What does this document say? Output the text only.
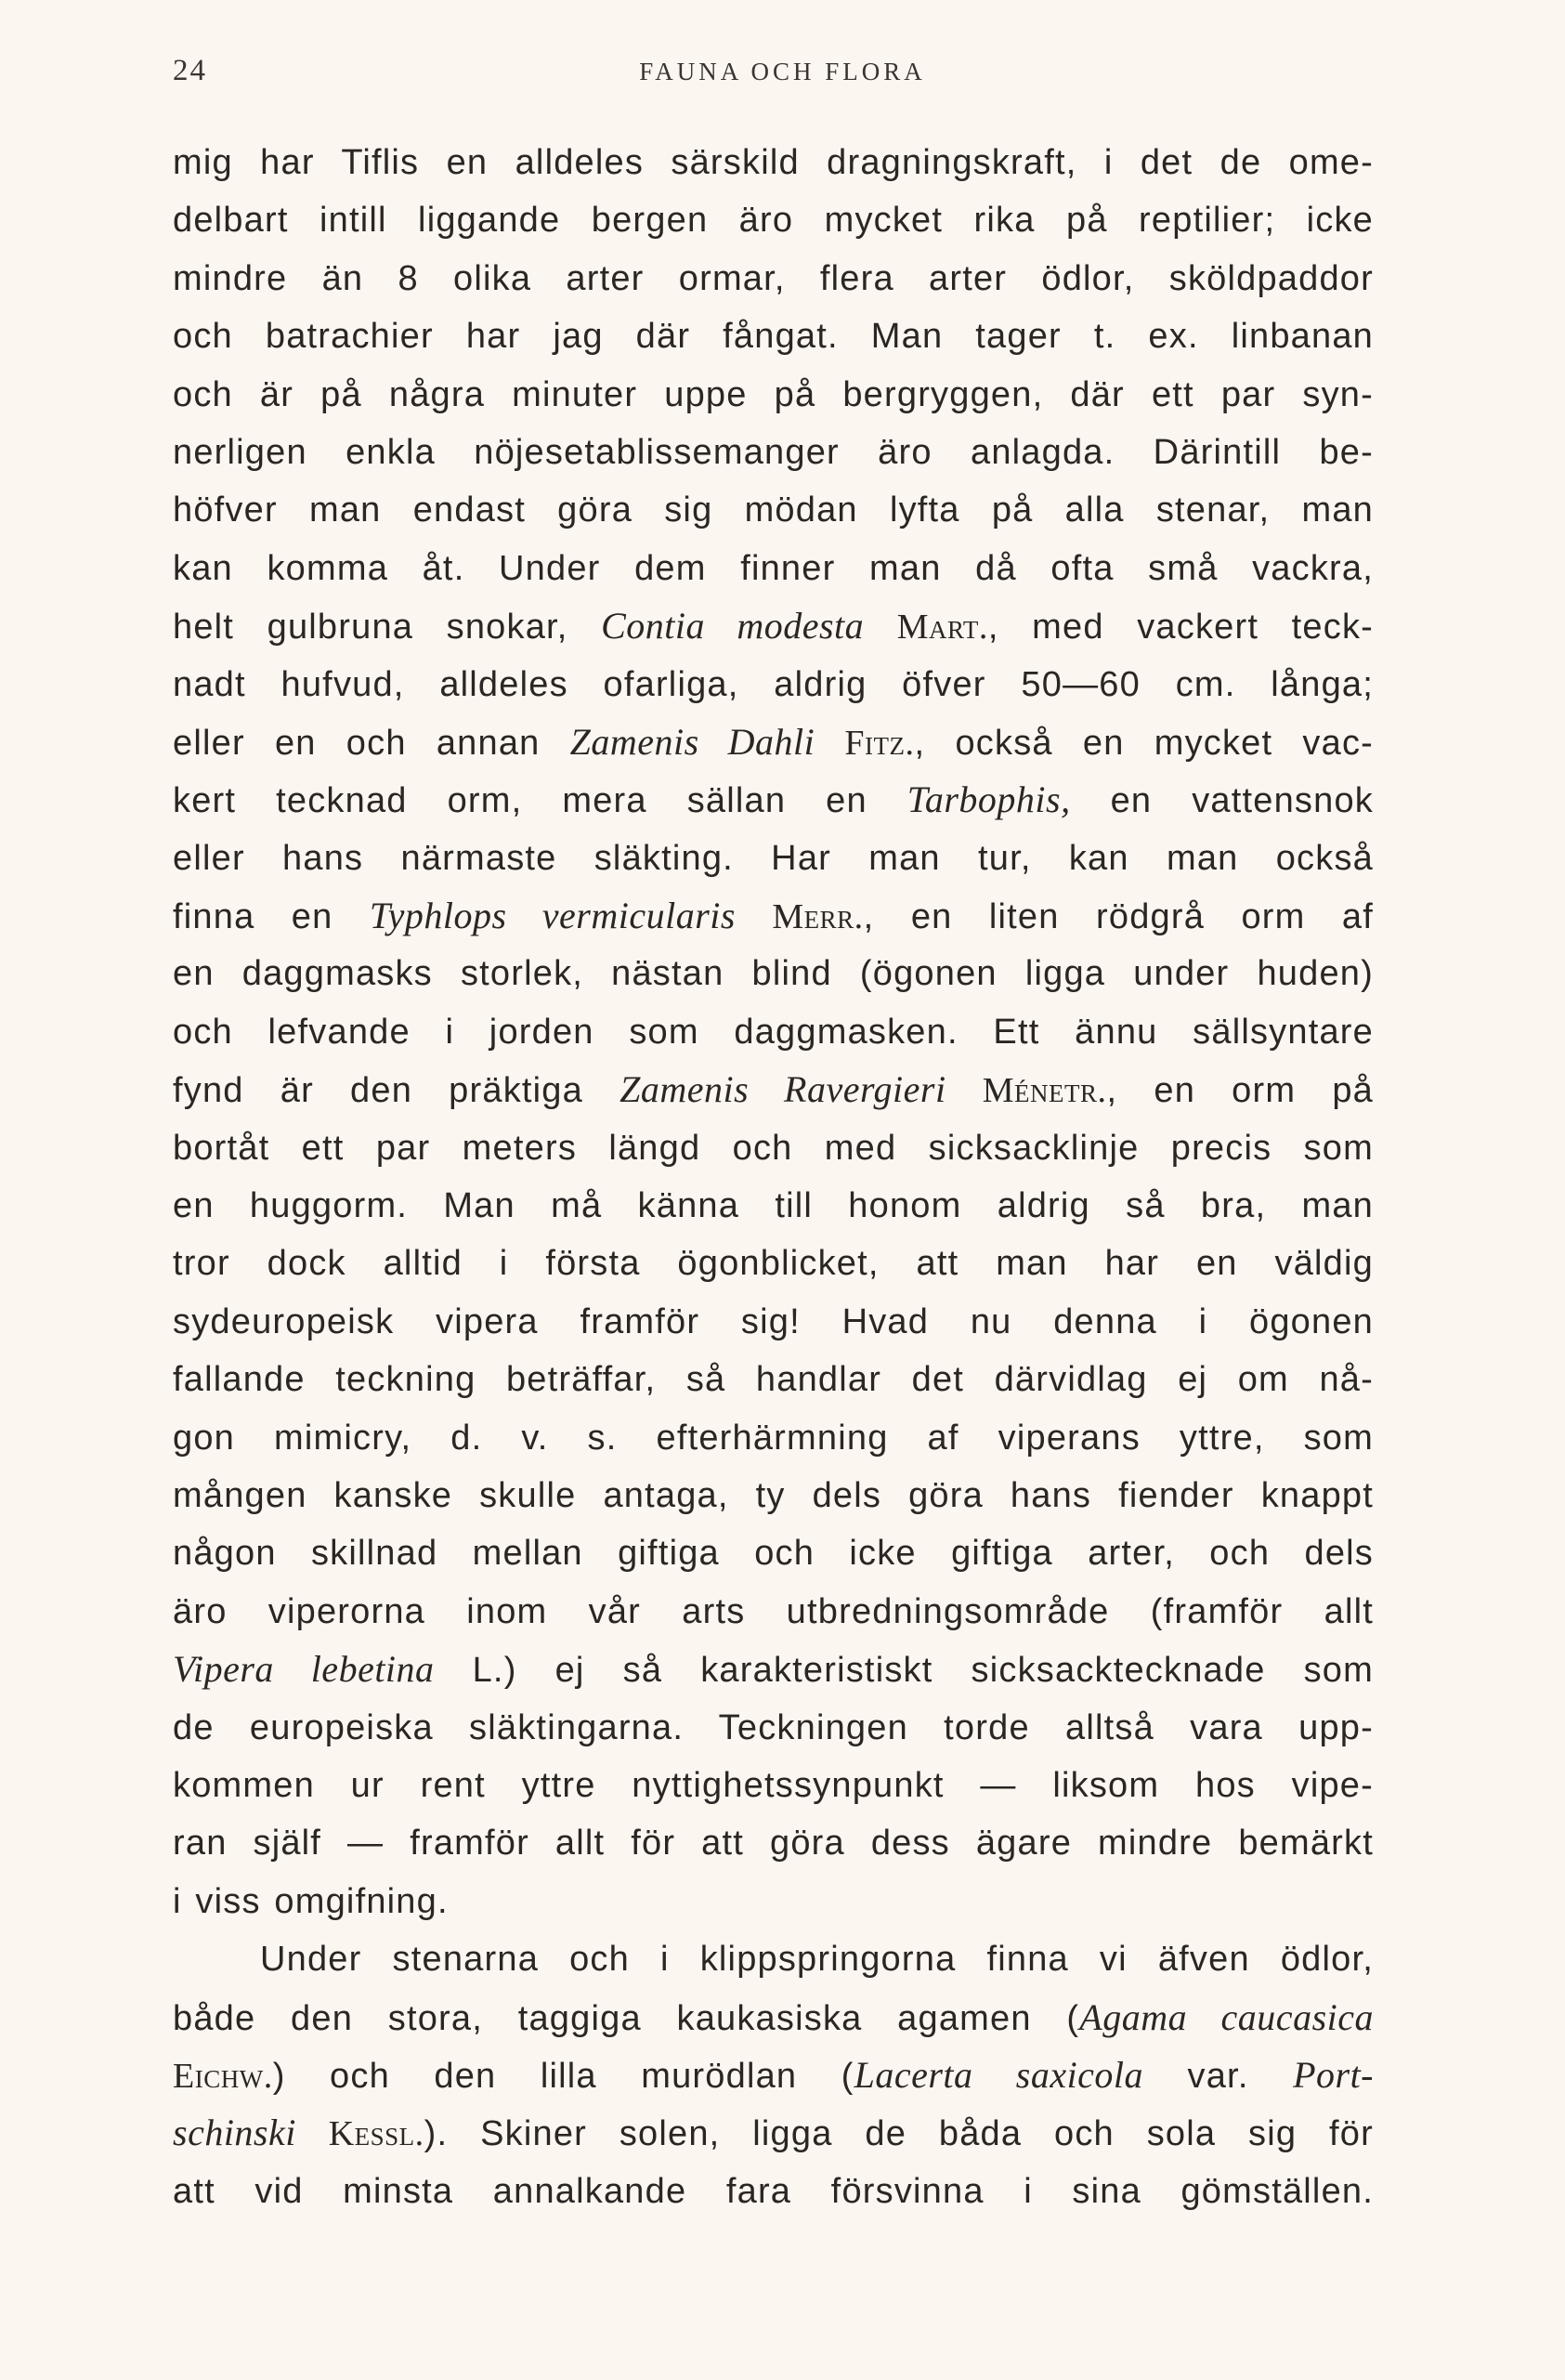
24	FAUNA OCH FLORA
mig har Tiflis en alldeles särskild dragningskraft, i det de ome-
delbart intill liggande bergen äro mycket rika på reptilier; icke
mindre än 8 olika arter ormar, flera arter ödlor, sköldpaddor
och batrachier har jag där fångat. Man tager t. ex. linbanan
och är på några minuter uppe på bergryggen, där ett par syn-
nerligen enkla nöjesetablissemanger äro anlagda. Därintill be-
höfver man endast göra sig mödan lyfta på alla stenar, man
kan komma åt. Under dem finner man då ofta små vackra,
helt gulbruna snokar, Contia modesta Mart., med vackert teck-
nadt hufvud, alldeles ofarliga, aldrig öfver 50—60 cm. långa;
eller en och annan Zamenis Dahli Fitz., också en mycket vac-
kert tecknad orm, mera sällan en Tarbophis, en vattensnok
eller hans närmaste släkting. Har man tur, kan man också
finna en Typhlops vermicularis Merr., en liten rödgrå orm af
en daggmasks storlek, nästan blind (ögonen ligga under huden)
och lefvande i jorden som daggmasken. Ett ännu sällsyntare
fynd är den präktiga Zamenis Ravergieri Ménetr., en orm på
bortåt ett par meters längd och med sicksacklinje precis som
en huggorm. Man må känna till honom aldrig så bra, man
tror dock alltid i första ögonblicket, att man har en väldig
sydeuropeisk vipera framför sig! Hvad nu denna i ögonen
fallande teckning beträffar, så handlar det därvidlag ej om nå-
gon mimicry, d. v. s. efterhärmning af viperans yttre, som
mången kanske skulle antaga, ty dels göra hans fiender knappt
någon skillnad mellan giftiga och icke giftiga arter, och dels
äro viperorna inom vår arts utbredningsområde (framför allt
Vipera lebetina L.) ej så karakteristiskt sicksacktecknade som
de europeiska släktingarna. Teckningen torde alltså vara upp-
kommen ur rent yttre nyttighetssynpunkt — liksom hos vipe-
ran själf — framför allt för att göra dess ägare mindre bemärkt
i viss omgifning.
Under stenarna och i klippspringorna finna vi äfven ödlor,
både den stora, taggiga kaukasiska agamen (Agama caucasica
Eichw.) och den lilla murödlan (Lacerta saxicola var. Port-
schinski Kessl.). Skiner solen, ligga de båda och sola sig för
att vid minsta annalkande fara försvinna i sina gömställen.
